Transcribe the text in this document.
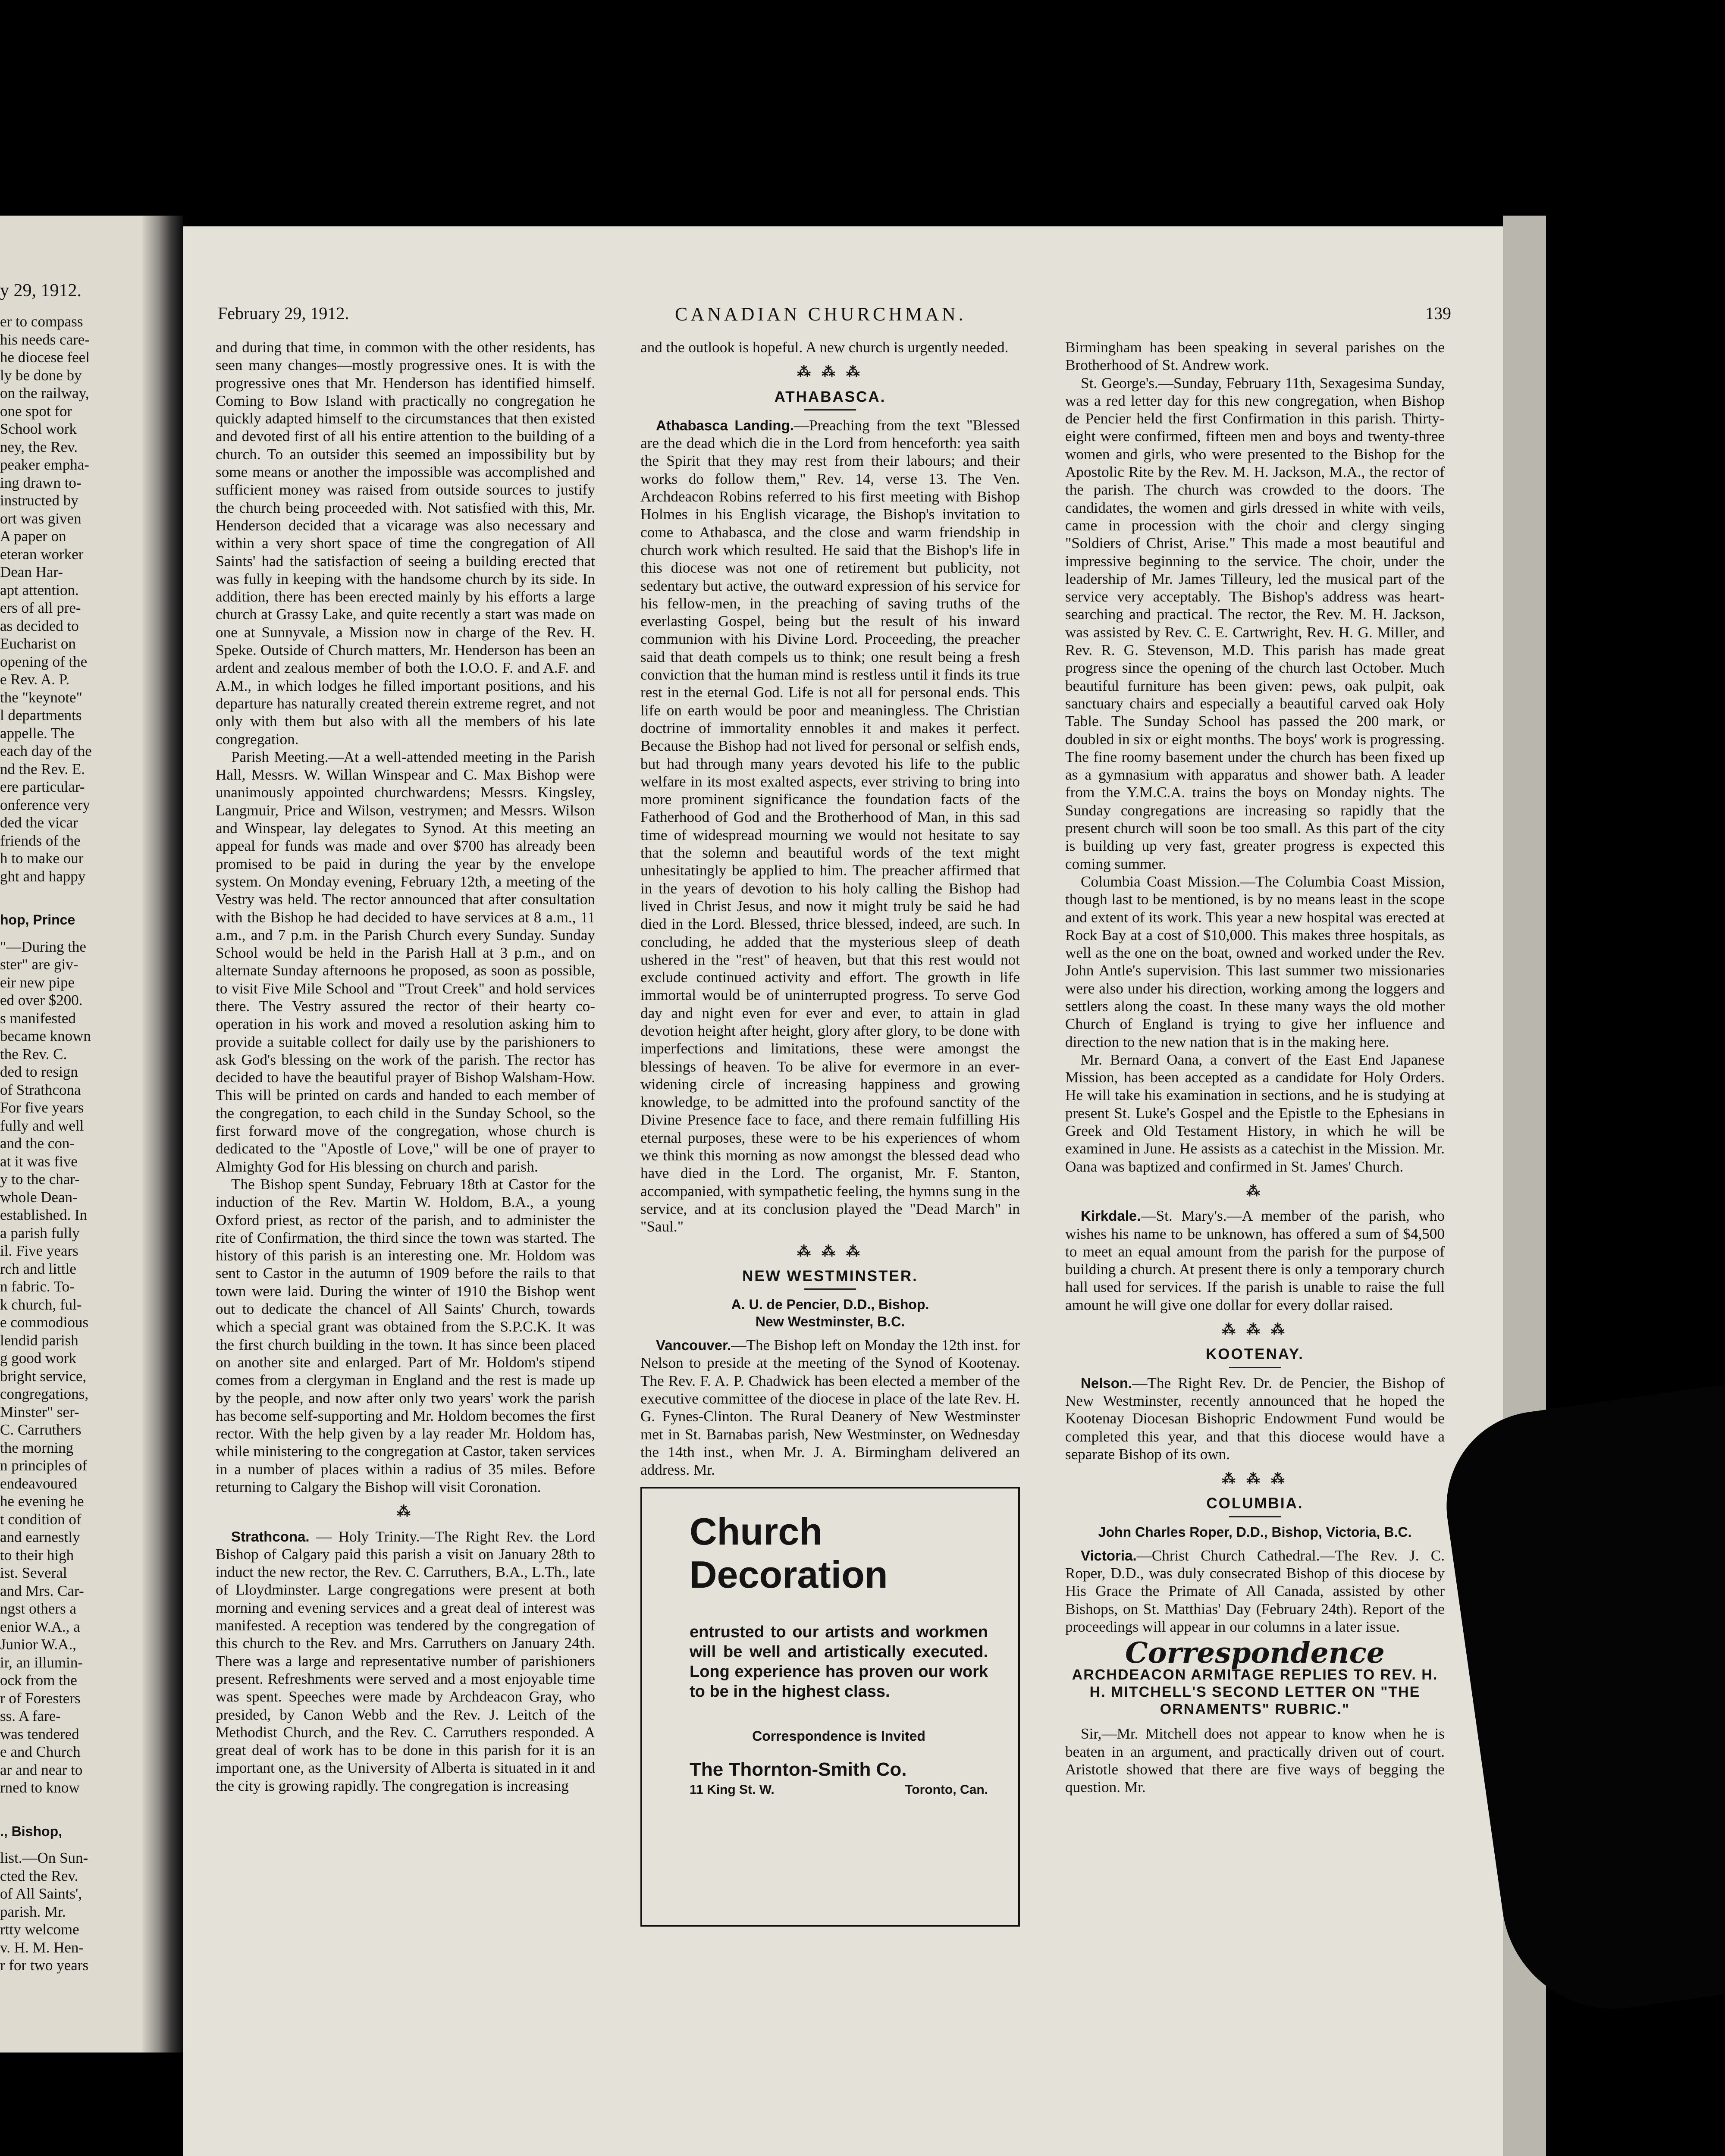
y 29, 1912.
er to compass
his needs care-
he diocese feel
ly be done by
on the railway,
one spot for
School work
ney, the Rev.
peaker empha-
ing drawn to-
instructed by
ort was given
A paper on
eteran worker
Dean Har-
apt attention.
ers of all pre-
as decided to
Eucharist on
opening of the
e Rev. A. P.
the "keynote"
l departments
appelle. The
each day of the
nd the Rev. E.
ere particular-
onference very
ded the vicar
friends of the
h to make our
ght and happy
hop, Prince
"—During the
ster" are giv-
eir new pipe
ed over $200.
s manifested
became known
the Rev. C.
ded to resign
of Strathcona
For five years
fully and well
and the con-
at it was five
y to the char-
whole Dean-
established. In
a parish fully
il. Five years
rch and little
n fabric. To-
k church, ful-
e commodious
lendid parish
g good work
bright service,
congregations,
Minster" ser-
C. Carruthers
the morning
n principles of
endeavoured
he evening he
t condition of
and earnestly
to their high
ist. Several
and Mrs. Car-
ngst others a
enior W.A., a
Junior W.A.,
ir, an illumin-
ock from the
r of Foresters
ss. A fare-
was tendered
e and Church
ar and near to
rned to know
., Bishop,
list.—On Sun-
cted the Rev.
of All Saints',
parish. Mr.
rtty welcome
v. H. M. Hen-
r for two years
February 29, 1912.	CANADIAN CHURCHMAN.	139

and during that time, in common with the other residents, has seen many changes—mostly progressive ones. It is with the progressive ones that Mr. Henderson has identified himself. Coming to Bow Island with practically no congregation he quickly adapted himself to the circumstances that then existed and devoted first of all his entire attention to the building of a church. To an outsider this seemed an impossibility but by some means or another the impossible was accomplished and sufficient money was raised from outside sources to justify the church being proceeded with. Not satisfied with this, Mr. Henderson decided that a vicarage was also necessary and within a very short space of time the congregation of All Saints' had the satisfaction of seeing a building erected that was fully in keeping with the handsome church by its side. In addition, there has been erected mainly by his efforts a large church at Grassy Lake, and quite recently a start was made on one at Sunnyvale, a Mission now in charge of the Rev. H. Speke. Outside of Church matters, Mr. Henderson has been an ardent and zealous member of both the I.O.O. F. and A.F. and A.M., in which lodges he filled important positions, and his departure has naturally created therein extreme regret, and not only with them but also with all the members of his late congregation.

Parish Meeting.—At a well-attended meeting in the Parish Hall, Messrs. W. Willan Winspear and C. Max Bishop were unanimously appointed churchwardens; Messrs. Kingsley, Langmuir, Price and Wilson, vestrymen; and Messrs. Wilson and Winspear, lay delegates to Synod. At this meeting an appeal for funds was made and over $700 has already been promised to be paid in during the year by the envelope system. On Monday evening, February 12th, a meeting of the Vestry was held. The rector announced that after consultation with the Bishop he had decided to have services at 8 a.m., 11 a.m., and 7 p.m. in the Parish Church every Sunday. Sunday School would be held in the Parish Hall at 3 p.m., and on alternate Sunday afternoons he proposed, as soon as possible, to visit Five Mile School and "Trout Creek" and hold services there. The Vestry assured the rector of their hearty co-operation in his work and moved a resolution asking him to provide a suitable collect for daily use by the parishioners to ask God's blessing on the work of the parish. The rector has decided to have the beautiful prayer of Bishop Walsham-How. This will be printed on cards and handed to each member of the congregation, to each child in the Sunday School, so the first forward move of the congregation, whose church is dedicated to the "Apostle of Love," will be one of prayer to Almighty God for His blessing on church and parish.

The Bishop spent Sunday, February 18th at Castor for the induction of the Rev. Martin W. Holdom, B.A., a young Oxford priest, as rector of the parish, and to administer the rite of Confirmation, the third since the town was started. The history of this parish is an interesting one. Mr. Holdom was sent to Castor in the autumn of 1909 before the rails to that town were laid. During the winter of 1910 the Bishop went out to dedicate the chancel of All Saints' Church, towards which a special grant was obtained from the S.P.C.K. It was the first church building in the town. It has since been placed on another site and enlarged. Part of Mr. Holdom's stipend comes from a clergyman in England and the rest is made up by the people, and now after only two years' work the parish has become self-supporting and Mr. Holdom becomes the first rector. With the help given by a lay reader Mr. Holdom has, while ministering to the congregation at Castor, taken services in a number of places within a radius of 35 miles. Before returning to Calgary the Bishop will visit Coronation.

⁂

Strathcona. — Holy Trinity.—The Right Rev. the Lord Bishop of Calgary paid this parish a visit on January 28th to induct the new rector, the Rev. C. Carruthers, B.A., L.Th., late of Lloydminster. Large congregations were present at both morning and evening services and a great deal of interest was manifested. A reception was tendered by the congregation of this church to the Rev. and Mrs. Carruthers on January 24th. There was a large and representative number of parishioners present. Refreshments were served and a most enjoyable time was spent. Speeches were made by Archdeacon Gray, who presided, by Canon Webb and the Rev. J. Leitch of the Methodist Church, and the Rev. C. Carruthers responded. A great deal of work has to be done in this parish for it is an important one, as the University of Alberta is situated in it and the city is growing rapidly. The congregation is increasing

and the outlook is hopeful. A new church is urgently needed.

⁂ ⁂ ⁂
ATHABASCA.

Athabasca Landing.—Preaching from the text "Blessed are the dead which die in the Lord from henceforth: yea saith the Spirit that they may rest from their labours; and their works do follow them," Rev. 14, verse 13. The Ven. Archdeacon Robins referred to his first meeting with Bishop Holmes in his English vicarage, the Bishop's invitation to come to Athabasca, and the close and warm friendship in church work which resulted. He said that the Bishop's life in this diocese was not one of retirement but publicity, not sedentary but active, the outward expression of his service for his fellow-men, in the preaching of saving truths of the everlasting Gospel, being but the result of his inward communion with his Divine Lord. Proceeding, the preacher said that death compels us to think; one result being a fresh conviction that the human mind is restless until it finds its true rest in the eternal God. Life is not all for personal ends. This life on earth would be poor and meaningless. The Christian doctrine of immortality ennobles it and makes it perfect. Because the Bishop had not lived for personal or selfish ends, but had through many years devoted his life to the public welfare in its most exalted aspects, ever striving to bring into more prominent significance the foundation facts of the Fatherhood of God and the Brotherhood of Man, in this sad time of widespread mourning we would not hesitate to say that the solemn and beautiful words of the text might unhesitatingly be applied to him. The preacher affirmed that in the years of devotion to his holy calling the Bishop had lived in Christ Jesus, and now it might truly be said he had died in the Lord. Blessed, thrice blessed, indeed, are such. In concluding, he added that the mysterious sleep of death ushered in the "rest" of heaven, but that this rest would not exclude continued activity and effort. The growth in life immortal would be of uninterrupted progress. To serve God day and night even for ever and ever, to attain in glad devotion height after height, glory after glory, to be done with imperfections and limitations, these were amongst the blessings of heaven. To be alive for evermore in an ever-widening circle of increasing happiness and growing knowledge, to be admitted into the profound sanctity of the Divine Presence face to face, and there remain fulfilling His eternal purposes, these were to be his experiences of whom we think this morning as now amongst the blessed dead who have died in the Lord. The organist, Mr. F. Stanton, accompanied, with sympathetic feeling, the hymns sung in the service, and at its conclusion played the "Dead March" in "Saul."

⁂ ⁂ ⁂
NEW WESTMINSTER.
A. U. de Pencier, D.D., Bishop.
New Westminster, B.C.

Vancouver.—The Bishop left on Monday the 12th inst. for Nelson to preside at the meeting of the Synod of Kootenay. The Rev. F. A. P. Chadwick has been elected a member of the executive committee of the diocese in place of the late Rev. H. G. Fynes-Clinton. The Rural Deanery of New Westminster met in St. Barnabas parish, New Westminster, on Wednesday the 14th inst., when Mr. J. A. Birmingham delivered an address. Mr.

Church
Decoration
entrusted to our artists and workmen will be well and artistically executed. Long experience has proven our work to be in the highest class.
Correspondence is Invited
The Thornton-Smith Co.
11 King St. W.	Toronto, Can.

Birmingham has been speaking in several parishes on the Brotherhood of St. Andrew work.

St. George's.—Sunday, February 11th, Sexagesima Sunday, was a red letter day for this new congregation, when Bishop de Pencier held the first Confirmation in this parish. Thirty-eight were confirmed, fifteen men and boys and twenty-three women and girls, who were presented to the Bishop for the Apostolic Rite by the Rev. M. H. Jackson, M.A., the rector of the parish. The church was crowded to the doors. The candidates, the women and girls dressed in white with veils, came in procession with the choir and clergy singing "Soldiers of Christ, Arise." This made a most beautiful and impressive beginning to the service. The choir, under the leadership of Mr. James Tilleury, led the musical part of the service very acceptably. The Bishop's address was heart-searching and practical. The rector, the Rev. M. H. Jackson, was assisted by Rev. C. E. Cartwright, Rev. H. G. Miller, and Rev. R. G. Stevenson, M.D. This parish has made great progress since the opening of the church last October. Much beautiful furniture has been given: pews, oak pulpit, oak sanctuary chairs and especially a beautiful carved oak Holy Table. The Sunday School has passed the 200 mark, or doubled in six or eight months. The boys' work is progressing. The fine roomy basement under the church has been fixed up as a gymnasium with apparatus and shower bath. A leader from the Y.M.C.A. trains the boys on Monday nights. The Sunday congregations are increasing so rapidly that the present church will soon be too small. As this part of the city is building up very fast, greater progress is expected this coming summer.

Columbia Coast Mission.—The Columbia Coast Mission, though last to be mentioned, is by no means least in the scope and extent of its work. This year a new hospital was erected at Rock Bay at a cost of $10,000. This makes three hospitals, as well as the one on the boat, owned and worked under the Rev. John Antle's supervision. This last summer two missionaries were also under his direction, working among the loggers and settlers along the coast. In these many ways the old mother Church of England is trying to give her influence and direction to the new nation that is in the making here.

Mr. Bernard Oana, a convert of the East End Japanese Mission, has been accepted as a candidate for Holy Orders. He will take his examination in sections, and he is studying at present St. Luke's Gospel and the Epistle to the Ephesians in Greek and Old Testament History, in which he will be examined in June. He assists as a catechist in the Mission. Mr. Oana was baptized and confirmed in St. James' Church.

⁂

Kirkdale.—St. Mary's.—A member of the parish, who wishes his name to be unknown, has offered a sum of $4,500 to meet an equal amount from the parish for the purpose of building a church. At present there is only a temporary church hall used for services. If the parish is unable to raise the full amount he will give one dollar for every dollar raised.

⁂ ⁂ ⁂
KOOTENAY.

Nelson.—The Right Rev. Dr. de Pencier, the Bishop of New Westminster, recently announced that he hoped the Kootenay Diocesan Bishopric Endowment Fund would be completed this year, and that this diocese would have a separate Bishop of its own.

⁂ ⁂ ⁂
COLUMBIA.
John Charles Roper, D.D., Bishop, Victoria, B.C.

Victoria.—Christ Church Cathedral.—The Rev. J. C. Roper, D.D., was duly consecrated Bishop of this diocese by His Grace the Primate of All Canada, assisted by other Bishops, on St. Matthias' Day (February 24th). Report of the proceedings will appear in our columns in a later issue.

Correspondence
ARCHDEACON ARMITAGE REPLIES TO REV. H. H. MITCHELL'S SECOND LETTER ON "THE ORNAMENTS" RUBRIC."

Sir,—Mr. Mitchell does not appear to know when he is beaten in an argument, and practically driven out of court. Aristotle showed that there are five ways of begging the question. Mr.
